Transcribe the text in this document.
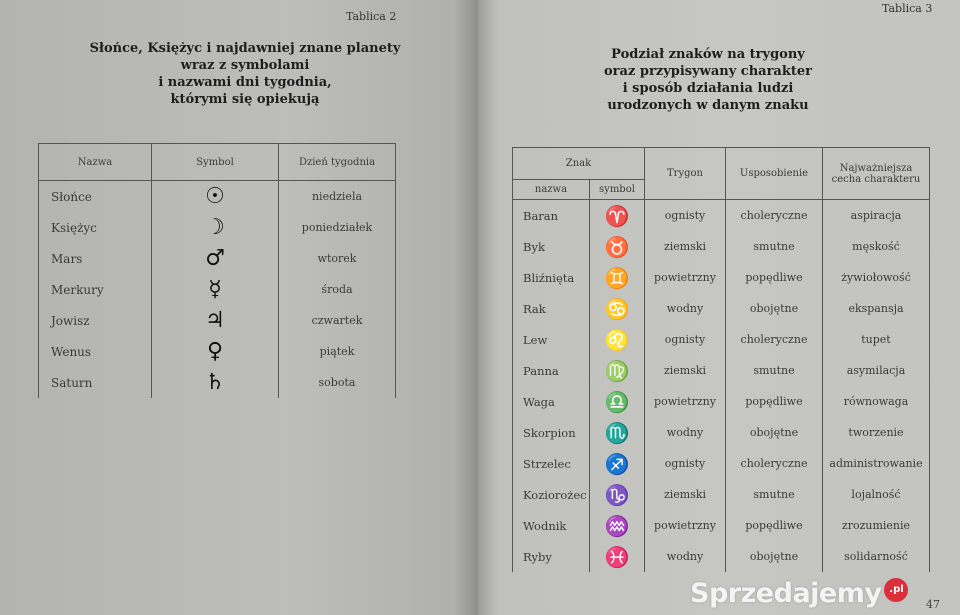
Tablica 2
Słońce, Księżyc i najdawniej znane planety
wraz z symbolami
i nazwami dni tygodnia,
którymi się opiekują
Nazwa	Symbol	Dzień tygodnia
Słońce	☉	niedziela
Księżyc	☽	poniedziałek
Mars	♂	wtorek
Merkury	☿	środa
Jowisz	♃	czwartek
Wenus	♀	piątek
Saturn	♄	sobota
Tablica 3
Podział znaków na trygony
oraz przypisywany charakter
i sposób działania ludzi
urodzonych w danym znaku
Znak		Trygon	Usposobienie	Najważniejsza cecha charakteru
nazwa	symbol			
Baran	♈	ognisty	choleryczne	aspiracja
Byk	♉	ziemski	smutne	męskość
Bliźnięta	♊	powietrzny	popędliwe	żywiołowość
Rak	♋	wodny	obojętne	ekspansja
Lew	♌	ognisty	choleryczne	tupet
Panna	♍	ziemski	smutne	asymilacja
Waga	♎	powietrzny	popędliwe	równowaga
Skorpion	♏	wodny	obojętne	tworzenie
Strzelec	♐	ognisty	choleryczne	administrowanie
Koziorożec	♑	ziemski	smutne	lojalność
Wodnik	♒	powietrzny	popędliwe	zrozumienie
Ryby	♓	wodny	obojętne	solidarność
47
Sprzedajemy .pl
